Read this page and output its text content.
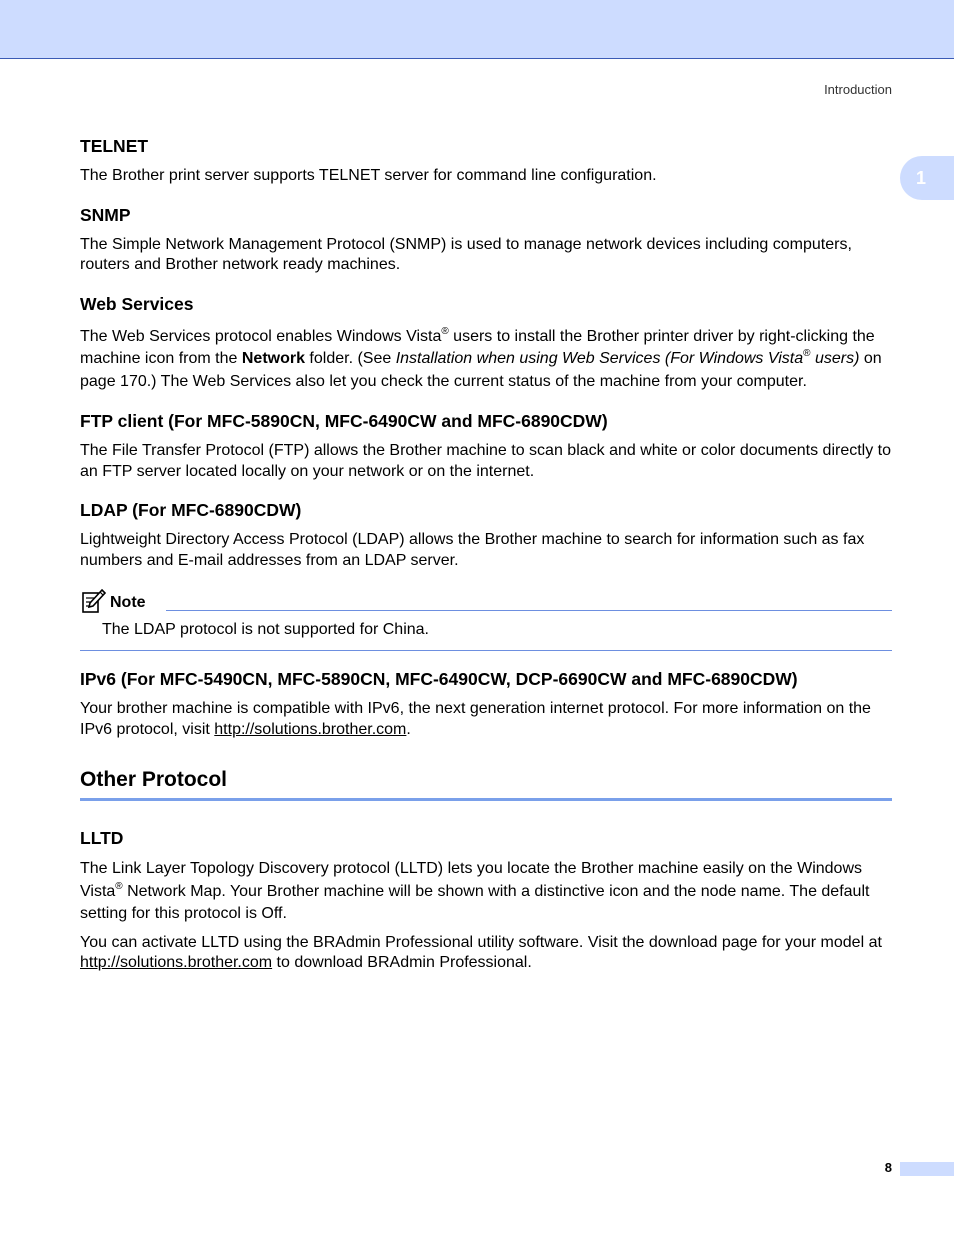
Introduction
1
TELNET

The Brother print server supports TELNET server for command line configuration.

SNMP

The Simple Network Management Protocol (SNMP) is used to manage network devices including computers, routers and Brother network ready machines.

Web Services

The Web Services protocol enables Windows Vista® users to install the Brother printer driver by right-clicking the machine icon from the Network folder. (See Installation when using Web Services (For Windows Vista® users) on page 170.) The Web Services also let you check the current status of the machine from your computer.

FTP client (For MFC-5890CN, MFC-6490CW and MFC-6890CDW)

The File Transfer Protocol (FTP) allows the Brother machine to scan black and white or color documents directly to an FTP server located locally on your network or on the internet.

LDAP (For MFC-6890CDW)

Lightweight Directory Access Protocol (LDAP) allows the Brother machine to search for information such as fax numbers and E-mail addresses from an LDAP server.

Note
The LDAP protocol is not supported for China.
IPv6 (For MFC-5490CN, MFC-5890CN, MFC-6490CW, DCP-6690CW and MFC-6890CDW)

Your brother machine is compatible with IPv6, the next generation internet protocol. For more information on the IPv6 protocol, visit http://solutions.brother.com.

Other Protocol
LLTD

The Link Layer Topology Discovery protocol (LLTD) lets you locate the Brother machine easily on the Windows Vista® Network Map. Your Brother machine will be shown with a distinctive icon and the node name. The default setting for this protocol is Off.

You can activate LLTD using the BRAdmin Professional utility software. Visit the download page for your model at http://solutions.brother.com to download BRAdmin Professional.

8
